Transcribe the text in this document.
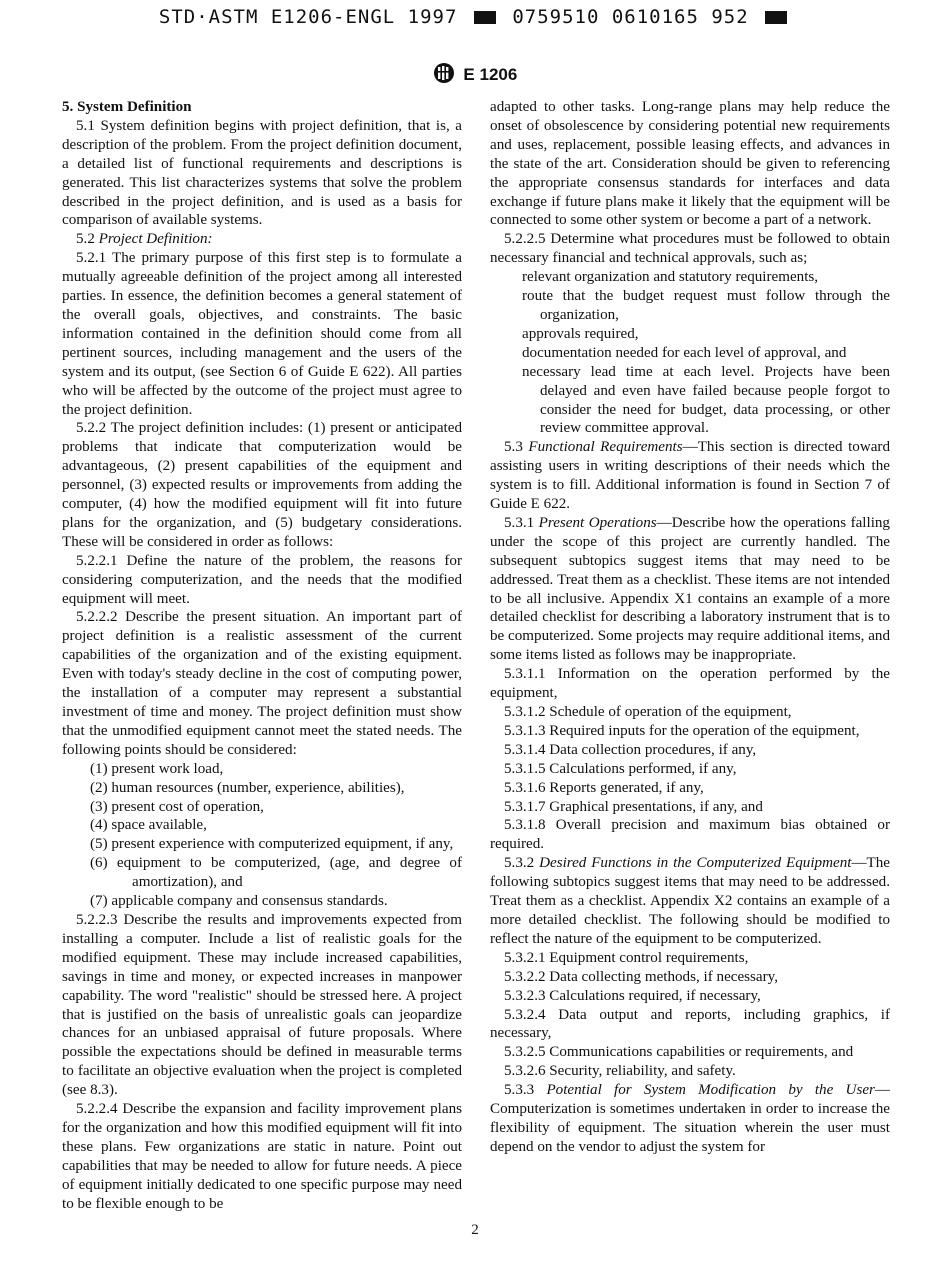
STD·ASTM E1206-ENGL 1997	0759510 0610165 952
E 1206

5. System Definition

5.1 System definition begins with project definition, that is, a description of the problem. From the project definition document, a detailed list of functional requirements and descriptions is generated. This list characterizes systems that solve the problem described in the project definition, and is used as a basis for comparison of available systems.

5.2 Project Definition:

5.2.1 The primary purpose of this first step is to formulate a mutually agreeable definition of the project among all interested parties. In essence, the definition becomes a general statement of the overall goals, objectives, and constraints. The basic information contained in the definition should come from all pertinent sources, including management and the users of the system and its output, (see Section 6 of Guide E 622). All parties who will be affected by the outcome of the project must agree to the project definition.

5.2.2 The project definition includes: (1) present or anticipated problems that indicate that computerization would be advantageous, (2) present capabilities of the equipment and personnel, (3) expected results or improvements from adding the computer, (4) how the modified equipment will fit into future plans for the organization, and (5) budgetary considerations. These will be considered in order as follows:

5.2.2.1 Define the nature of the problem, the reasons for considering computerization, and the needs that the modified equipment will meet.

5.2.2.2 Describe the present situation. An important part of project definition is a realistic assessment of the current capabilities of the organization and of the existing equipment. Even with today's steady decline in the cost of computing power, the installation of a computer may represent a substantial investment of time and money. The project definition must show that the unmodified equipment cannot meet the stated needs. The following points should be considered:

(1) present work load,

(2) human resources (number, experience, abilities),

(3) present cost of operation,

(4) space available,

(5) present experience with computerized equipment, if any,

(6) equipment to be computerized, (age, and degree of amortization), and

(7) applicable company and consensus standards.

5.2.2.3 Describe the results and improvements expected from installing a computer. Include a list of realistic goals for the modified equipment. These may include increased capabilities, savings in time and money, or expected increases in manpower capability. The word "realistic" should be stressed here. A project that is justified on the basis of unrealistic goals can jeopardize chances for an unbiased appraisal of future proposals. Where possible the expectations should be defined in measurable terms to facilitate an objective evaluation when the project is completed (see 8.3).

5.2.2.4 Describe the expansion and facility improvement plans for the organization and how this modified equipment will fit into these plans. Few organizations are static in nature. Point out capabilities that may be needed to allow for future needs. A piece of equipment initially dedicated to one specific purpose may need to be flexible enough to be

adapted to other tasks. Long-range plans may help reduce the onset of obsolescence by considering potential new requirements and uses, replacement, possible leasing effects, and advances in the state of the art. Consideration should be given to referencing the appropriate consensus standards for interfaces and data exchange if future plans make it likely that the equipment will be connected to some other system or become a part of a network.

5.2.2.5 Determine what procedures must be followed to obtain necessary financial and technical approvals, such as;

relevant organization and statutory requirements,

route that the budget request must follow through the organization,

approvals required,

documentation needed for each level of approval, and

necessary lead time at each level. Projects have been delayed and even have failed because people forgot to consider the need for budget, data processing, or other review committee approval.

5.3 Functional Requirements—This section is directed toward assisting users in writing descriptions of their needs which the system is to fill. Additional information is found in Section 7 of Guide E 622.

5.3.1 Present Operations—Describe how the operations falling under the scope of this project are currently handled. The subsequent subtopics suggest items that may need to be addressed. Treat them as a checklist. These items are not intended to be all inclusive. Appendix X1 contains an example of a more detailed checklist for describing a laboratory instrument that is to be computerized. Some projects may require additional items, and some items listed as follows may be inappropriate.

5.3.1.1 Information on the operation performed by the equipment,

5.3.1.2 Schedule of operation of the equipment,

5.3.1.3 Required inputs for the operation of the equipment,

5.3.1.4 Data collection procedures, if any,

5.3.1.5 Calculations performed, if any,

5.3.1.6 Reports generated, if any,

5.3.1.7 Graphical presentations, if any, and

5.3.1.8 Overall precision and maximum bias obtained or required.

5.3.2 Desired Functions in the Computerized Equipment—The following subtopics suggest items that may need to be addressed. Treat them as a checklist. Appendix X2 contains an example of a more detailed checklist. The following should be modified to reflect the nature of the equipment to be computerized.

5.3.2.1 Equipment control requirements,

5.3.2.2 Data collecting methods, if necessary,

5.3.2.3 Calculations required, if necessary,

5.3.2.4 Data output and reports, including graphics, if necessary,

5.3.2.5 Communications capabilities or requirements, and

5.3.2.6 Security, reliability, and safety.

5.3.3 Potential for System Modification by the User—Computerization is sometimes undertaken in order to increase the flexibility of equipment. The situation wherein the user must depend on the vendor to adjust the system for

2
